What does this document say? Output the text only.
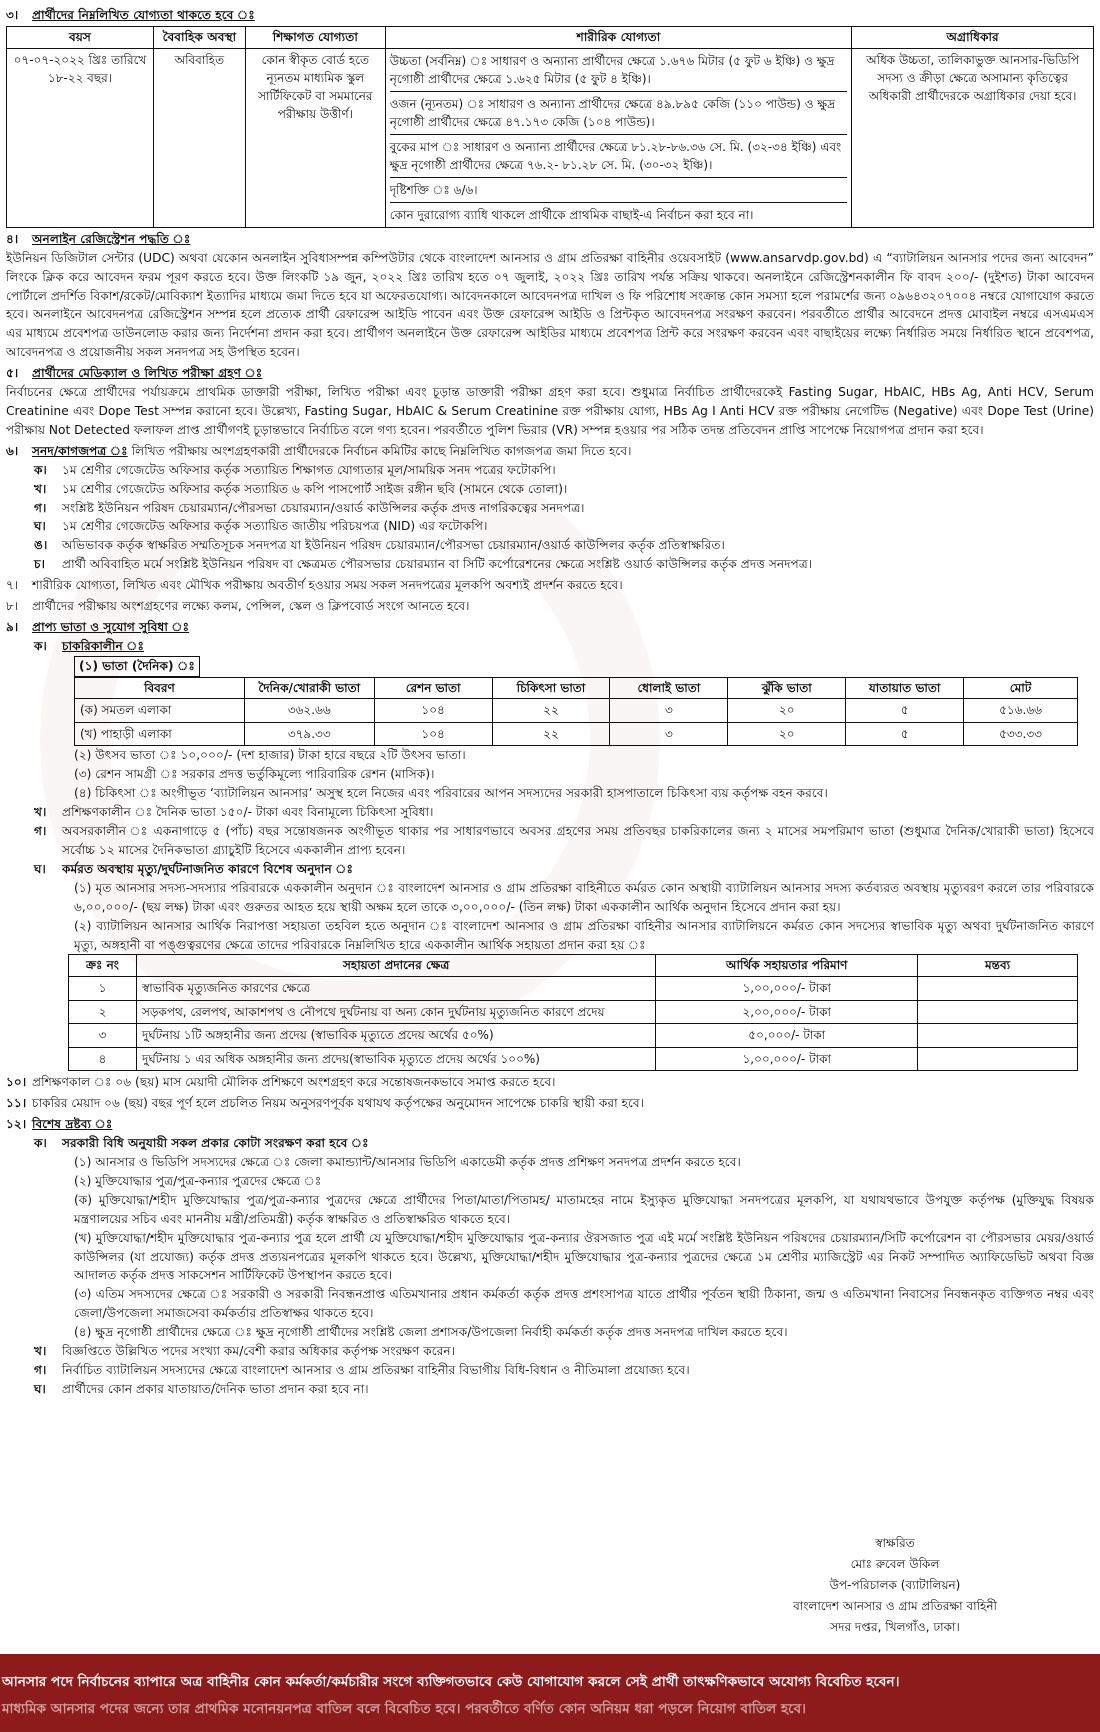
৩।	প্রার্থীদের নিম্নলিখিত যোগ্যতা থাকতে হবে ঃ
বয়স	বৈবাহিক অবস্থা	শিক্ষাগত যোগ্যতা	শারীরিক যোগ্যতা	অগ্রাধিকার
০৭-০৭-২০২২ খ্রিঃ তারিখে ১৮-২২ বছর।	অবিবাহিত	কোন স্বীকৃত বোর্ড হতে ন্যূনতম মাধ্যমিক স্কুল সার্টিফিকেট বা সমমানের পরীক্ষায় উত্তীর্ণ।	উচ্চতা (সর্বনিম্ন) ঃ সাধারণ ও অন্যান্য প্রার্থীদের ক্ষেত্রে ১.৬৭৬ মিটার (৫ ফুট ৬ ইঞ্চি) ও ক্ষুদ্র নৃগোষ্ঠী প্রার্থীদের ক্ষেত্রে ১.৬২৫ মিটার (৫ ফুট ৪ ইঞ্চি)।
ওজন (ন্যূনতম) ঃ সাধারণ ও অন্যান্য প্রার্থীদের ক্ষেত্রে ৪৯.৮৯৫ কেজি (১১০ পাউন্ড) ও ক্ষুদ্র নৃগোষ্ঠী প্রার্থীদের ক্ষেত্রে ৪৭.১৭৩ কেজি (১০৪ পাউন্ড)।
বুকের মাপ ঃ সাধারণ ও অন্যান্য প্রার্থীদের ক্ষেত্রে ৮১.২৮-৮৬.৩৬ সে. মি. (৩২-৩৪ ইঞ্চি) এবং ক্ষুদ্র নৃগোষ্ঠী প্রার্থীদের ক্ষেত্রে ৭৬.২- ৮১.২৮ সে. মি. (৩০-৩২ ইঞ্চি)।
দৃষ্টিশক্তি ঃ ৬/৬।
কোন দুরারোগ্য ব্যাধি থাকলে প্রার্থীকে প্রাথমিক বাছাই-এ নির্বাচন করা হবে না।	অধিক উচ্চতা, তালিকাভুক্ত আনসার-ভিডিপি সদস্য ও ক্রীড়া ক্ষেত্রে অসামান্য কৃতিত্বের অধিকারী প্রার্থীদেরকে অগ্রাধিকার দেয়া হবে।
৪।	অনলাইন রেজিস্ট্রেশন পদ্ধতি ঃ
ইউনিয়ন ডিজিটাল সেন্টার (UDC) অথবা যেকোন অনলাইন সুবিধাসম্পন্ন কম্পিউটার থেকে বাংলাদেশ আনসার ও গ্রাম প্রতিরক্ষা বাহিনীর ওয়েবসাইট (www.ansarvdp.gov.bd) এ “ব্যাটালিয়ন আনসার পদের জন্য আবেদন” লিংকে ক্লিক করে আবেদন ফরম পূরণ করতে হবে। উক্ত লিংকটি ১৯ জুন, ২০২২ খ্রিঃ তারিখ হতে ০৭ জুলাই, ২০২২ খ্রিঃ তারিখ পর্যন্ত সক্রিয় থাকবে। অনলাইনে রেজিস্ট্রেশনকালীন ফি বাবদ ২০০/- (দুইশত) টাকা আবেদন পোর্টালে প্রদর্শিত বিকাশ/রকেট/মোবিক্যাশ ইত্যাদির মাধ্যমে জমা দিতে হবে যা অফেরতযোগ্য। আবেদনকালে আবেদনপত্র দাখিল ও ফি পরিশোধ সংক্রান্ত কোন সমস্যা হলে পরামর্শের জন্য ০৯৬৪৩২০৭০০৪ নম্বরে যোগাযোগ করতে হবে। অনলাইনে আবেদনপত্র রেজিস্ট্রেশন সম্পন্ন হলে প্রত্যেক প্রার্থী রেফারেন্স আইডি পাবেন এবং উক্ত রেফারেন্স আইডি ও প্রিন্টকৃত আবেদনপত্র সংরক্ষণ করবেন। পরবর্তীতে প্রার্থীর আবেদনে প্রদত্ত মোবাইল নম্বরে এসএমএস এর মাধ্যমে প্রবেশপত্র ডাউনলোড করার জন্য নির্দেশনা প্রদান করা হবে। প্রার্থীগণ অনলাইনে উক্ত রেফারেন্স আইডির মাধ্যমে প্রবেশপত্র প্রিন্ট করে সংরক্ষণ করবেন এবং বাছাইয়ের লক্ষ্যে নির্ধারিত সময়ে নির্ধারিত স্থানে প্রবেশপত্র, আবেদনপত্র ও প্রয়োজনীয় সকল সনদপত্র সহ উপস্থিত হবেন।
৫।	প্রার্থীদের মেডিক্যাল ও লিখিত পরীক্ষা গ্রহণ ঃ
নির্বাচনের ক্ষেত্রে প্রার্থীদের পর্যায়ক্রমে প্রাথমিক ডাক্তারী পরীক্ষা, লিখিত পরীক্ষা এবং চূড়ান্ত ডাক্তারী পরীক্ষা গ্রহণ করা হবে। শুধুমাত্র নির্বাচিত প্রার্থীদেরকেই Fasting Sugar, HbAIC, HBs Ag, Anti HCV, Serum Creatinine এবং Dope Test সম্পন্ন করানো হবে। উল্লেখ্য, Fasting Sugar, HbAIC & Serum Creatinine রক্ত পরীক্ষায় যোগ্য, HBs Ag I Anti HCV রক্ত পরীক্ষায় নেগেটিভ (Negative) এবং Dope Test (Urine) পরীক্ষায় Not Detected ফলাফল প্রাপ্ত প্রার্থীগণই চূড়ান্তভাবে নির্বাচিত বলে গণ্য হবেন। পরবর্তীতে পুলিশ ভিরার (VR) সম্পন্ন হওয়ার পর সঠিক তদন্ত প্রতিবেদন প্রাপ্তি সাপেক্ষে নিয়োগপত্র প্রদান করা হবে।
৬।	সনদ/কাগজপত্র ঃ লিখিত পরীক্ষায় অংশগ্রহণকারী প্রার্থীদেরকে নির্বাচন কমিটির কাছে নিম্নলিখিত কাগজপত্র জমা দিতে হবে।
ক।	১ম শ্রেণীর গেজেটেড অফিসার কর্তৃক সত্যায়িত শিক্ষাগত যোগ্যতার মূল/সাময়িক সনদ পত্রের ফটোকপি।
খ।	১ম শ্রেণীর গেজেটেড অফিসার কর্তৃক সত্যায়িত ৬ কপি পাসপোর্ট সাইজ রঙ্গীন ছবি (সামনে থেকে তোলা)।
গ।	সংশ্লিষ্ট ইউনিয়ন পরিষদ চেয়ারম্যান/পৌরসভা চেয়ারম্যান/ওয়ার্ড কাউন্সিলর কর্তৃক প্রদত্ত নাগরিকত্বের সনদপত্র।
ঘ।	১ম শ্রেণীর গেজেটেড অফিসার কর্তৃক সত্যায়িত জাতীয় পরিচয়পত্র (NID) এর ফটোকপি।
ঙ।	অভিভাবক কর্তৃক স্বাক্ষরিত সম্মতিসূচক সনদপত্র যা ইউনিয়ন পরিষদ চেয়ারম্যান/পৌরসভা চেয়ারম্যান/ওয়ার্ড কাউন্সিলর কর্তৃক প্রতিস্বাক্ষরিত।
চ।	প্রার্থী অবিবাহিত মর্মে সংশ্লিষ্ট ইউনিয়ন পরিষদ বা ক্ষেত্রমত পৌরসভার চেয়ারম্যান বা সিটি কর্পোরেশনের ক্ষেত্রে সংশ্লিষ্ট ওয়ার্ড কাউন্সিলর কর্তৃক প্রদত্ত সনদপত্র।
৭।	শারীরিক যোগ্যতা, লিখিত এবং মৌখিক পরীক্ষায় অবতীর্ণ হওয়ার সময় সকল সনদপত্রের মূলকপি অবশ্যই প্রদর্শন করতে হবে।
৮।	প্রার্থীদের পরীক্ষায় অংশগ্রহণের লক্ষ্যে কলম, পেন্সিল, স্কেল ও ক্লিপবোর্ড সংগে আনতে হবে।
৯।	প্রাপ্য ভাতা ও সুযোগ সুবিধা ঃ
ক।	চাকরিকালীন ঃ
(১) ভাতা (দৈনিক) ঃ
বিবরণ	দৈনিক/খোরাকী ভাতা	রেশন ভাতা	চিকিৎসা ভাতা	ধোলাই ভাতা	ঝুঁকি ভাতা	যাতায়াত ভাতা	মোট
(ক) সমতল এলাকা	৩৬২.৬৬	১০৪	২২	৩	২০	৫	৫১৬.৬৬
(খ) পাহাড়ী এলাকা	৩৭৯.৩৩	১০৪	২২	৩	২০	৫	৫৩৩.৩৩
(২) উৎসব ভাতা ঃ ১০,০০০/- (দশ হাজার) টাকা হারে বছরে ২টি উৎসব ভাতা।
(৩) রেশন সামগ্রী ঃ সরকার প্রদত্ত ভর্তুকিমূল্যে পারিবারিক রেশন (মাসিক)।
(৪) চিকিৎসা ঃ অংগীভূত ‘ব্যাটালিয়ন আনসার’ অসুস্থ হলে নিজের এবং পরিবারের আপন সদস্যদের সরকারী হাসপাতালে চিকিৎসা ব্যয় কর্তৃপক্ষ বহন করবে।
খ।	প্রশিক্ষণকালীন ঃ দৈনিক ভাতা ১৫০/- টাকা এবং বিনামূল্যে চিকিৎসা সুবিধা।
গ।	অবসরকালীন ঃ একনাগাড়ে ৫ (পাঁচ) বছর সন্তোষজনক অংগীভূত থাকার পর সাধারণভাবে অবসর গ্রহণের সময় প্রতিবছর চাকরিকালের জন্য ২ মাসের সমপরিমাণ ভাতা (শুধুমাত্র দৈনিক/খোরাকী ভাতা) হিসেবে সর্বোচ্চ ১২ মাসের দৈনিকভাতা গ্র্যাচুইটি হিসেবে এককালীন প্রাপ্য হবেন।
ঘ।	কর্মরত অবস্থায় মৃত্যু/দুর্ঘটনাজনিত কারণে বিশেষ অনুদান ঃ
(১) মৃত আনসার সদস্য-সদস্যার পরিবারকে এককালীন অনুদান ঃ বাংলাদেশ আনসার ও গ্রাম প্রতিরক্ষা বাহিনীতে কর্মরত কোন অস্থায়ী ব্যাটালিয়ন আনসার সদস্য কর্তব্যরত অবস্থায় মৃত্যুবরণ করলে তার পরিবারকে ৬,০০,০০০/- (ছয় লক্ষ) টাকা এবং গুরুতর আহত হয়ে স্থায়ী অক্ষম হলে তাকে ৩,০০,০০০/- (তিন লক্ষ) টাকা এককালীন আর্থিক অনুদান হিসেবে প্রদান করা হয়।
(২) ব্যাটালিয়ন আনসার আর্থিক নিরাপত্তা সহায়তা তহবিল হতে অনুদান ঃ বাংলাদেশ আনসার ও গ্রাম প্রতিরক্ষা বাহিনীর আনসার ব্যাটালিয়নে কর্মরত কোন সদস্যের স্বাভাবিক মৃত্যু অথবা দুর্ঘটনাজনিত কারণে মৃত্যু, অঙ্গহানী বা পঙ্গুত্বরণের ক্ষেত্রে তাদের পরিবারকে নিম্নলিখিত হারে এককালীন আর্থিক সহায়তা প্রদান করা হয় ঃ
ক্রঃ নং	সহায়তা প্রদানের ক্ষেত্র	আর্থিক সহায়তার পরিমাণ	মন্তব্য
১	স্বাভাবিক মৃত্যুজনিত কারণের ক্ষেত্রে	১,০০,০০০/- টাকা	
২	সড়কপথ, রেলপথ, আকাশপথ ও নৌপথে দুর্ঘটনায় বা অন্য কোন দুর্ঘটনায় মৃত্যুজনিত কারণে প্রদেয়	২,০০,০০০/- টাকা	
৩	দুর্ঘটনায় ১টি অঙ্গহানীর জন্য প্রদেয় (স্বাভাবিক মৃত্যুতে প্রদেয় অর্থের ৫০%)	৫০,০০০/- টাকা	
৪	দুর্ঘটনায় ১ এর অধিক অঙ্গহানীর জন্য প্রদেয়(স্বাভাবিক মৃত্যুতে প্রদেয় অর্থের ১০০%)	১,০০,০০০/- টাকা	
১০। প্রশিক্ষণকাল ঃ ০৬ (ছয়) মাস মেয়াদী মৌলিক প্রশিক্ষণে অংশগ্রহণ করে সন্তোষজনকভাবে সমাপ্ত করতে হবে।
১১। চাকরির মেয়াদ ০৬ (ছয়) বছর পূর্ণ হলে প্রচলিত নিয়ম অনুসরণপূর্বক যথাযথ কর্তৃপক্ষের অনুমোদন সাপেক্ষে চাকরি স্থায়ী করা হবে।
১২। বিশেষ দ্রষ্টব্য ঃ
ক।	সরকারী বিধি অনুযায়ী সকল প্রকার কোটা সংরক্ষণ করা হবে ঃ
(১) আনসার ও ভিডিপি সদস্যদের ক্ষেত্রে ঃ জেলা কমান্ড্যান্ট/আনসার ভিডিপি একাডেমী কর্তৃক প্রদত্ত প্রশিক্ষণ সনদপত্র প্রদর্শন করতে হবে।
(২) মুক্তিযোদ্ধার পুত্র/পুত্র-কন্যার পুত্রদের ক্ষেত্রে ঃ
(ক) মুক্তিযোদ্ধা/শহীদ মুক্তিযোদ্ধার পুত্র/পুত্র-কন্যার পুত্রদের ক্ষেত্রে প্রার্থীদের পিতা/মাতা/পিতামহ/ মাতামহের নামে ইস্যুকৃত মুক্তিযোদ্ধা সনদপত্রের মূলকপি, যা যথাযথভাবে উপযুক্ত কর্তৃপক্ষ (মুক্তিযুদ্ধ বিষয়ক মন্ত্রণালয়ের সচিব এবং মাননীয় মন্ত্রী/প্রতিমন্ত্রী) কর্তৃক স্বাক্ষরিত ও প্রতিস্বাক্ষরিত থাকতে হবে।
(খ) মুক্তিযোদ্ধা/শহীদ মুক্তিযোদ্ধার পুত্র-কন্যার পুত্র হলে প্রার্থী যে মুক্তিযোদ্ধা/শহীদ মুক্তিযোদ্ধার পুত্র-কন্যার ঔরসজাত পুত্র এই মর্মে সংশ্লিষ্ট ইউনিয়ন পরিষদের চেয়ারম্যান/সিটি কর্পোরেশন বা পৌরসভার মেয়র/ওয়ার্ড কাউন্সিলর (যা প্রযোজ্য) কর্তৃক প্রদত্ত প্রত্যয়নপত্রের মূলকপি থাকতে হবে। উল্লেখ্য, মুক্তিযোদ্ধা/শহীদ মুক্তিযোদ্ধার পুত্র-কন্যার পুত্রদের ক্ষেত্রে ১ম শ্রেণীর ম্যাজিস্ট্রেট এর নিকট সম্পাদিত অ্যাফিডেভিট অথবা বিজ্ঞ আদালত কর্তৃক প্রদত্ত সাকসেশন সার্টিফিকেট উপস্থাপন করতে হবে।
(৩) এতিম সদস্যদের ক্ষেত্রে ঃ সরকারী ও সরকারী নিবন্ধনপ্রাপ্ত এতিমখানার প্রধান কর্মকর্তা কর্তৃক প্রদত্ত প্রশংসাপত্র যাতে প্রার্থীর পূর্বতন স্থায়ী ঠিকানা, জন্ম ও এতিমখানা নিবাসের নিবন্ধনকৃত ব্যক্তিগত নম্বর এবং জেলা/উপজেলা সমাজসেবা কর্মকর্তার প্রতিস্বাক্ষর থাকতে হবে।
(৪) ক্ষুদ্র নৃগোষ্ঠী প্রার্থীদের ক্ষেত্রে ঃ ক্ষুদ্র নৃগোষ্ঠী প্রার্থীদের সংশ্লিষ্ট জেলা প্রশাসক/উপজেলা নির্বাহী কর্মকর্তা কর্তৃক প্রদত্ত সনদপত্র দাখিল করতে হবে।
খ।	বিজ্ঞপ্তিতে উল্লিখিত পদের সংখ্যা কম/বেশী করার অধিকার কর্তৃপক্ষ সংরক্ষণ করেন।
গ।	নির্বাচিত ব্যাটালিয়ন সদস্যদের ক্ষেত্রে বাংলাদেশ আনসার ও গ্রাম প্রতিরক্ষা বাহিনীর বিভাগীয় বিধি-বিধান ও নীতিমালা প্রযোজ্য হবে।
ঘ।	প্রার্থীদের কোন প্রকার যাতায়াত/দৈনিক ভাতা প্রদান করা হবে না।
স্বাক্ষরিত
মোঃ রুবেল উকিল
উপ-পরিচালক (ব্যাটালিয়ন)
বাংলাদেশ আনসার ও গ্রাম প্রতিরক্ষা বাহিনী
সদর দপ্তর, খিলগাঁও, ঢাকা।
আনসার পদে নির্বাচনের ব্যাপারে অত্র বাহিনীর কোন কর্মকর্তা/কর্মচারীর সংগে ব্যক্তিগতভাবে কেউ যোগাযোগ করলে সেই প্রার্থী তাৎক্ষণিকভাবে অযোগ্য বিবেচিত হবেন।
মাধ্যমিক আনসার পদের জন্যে তার প্রাথমিক মনোনয়নপত্র বাতিল বলে বিবেচিত হবে। পরবর্তীতে বর্ণিত কোন অনিয়ম ধরা পড়লে নিয়োগ বাতিল হবে।
